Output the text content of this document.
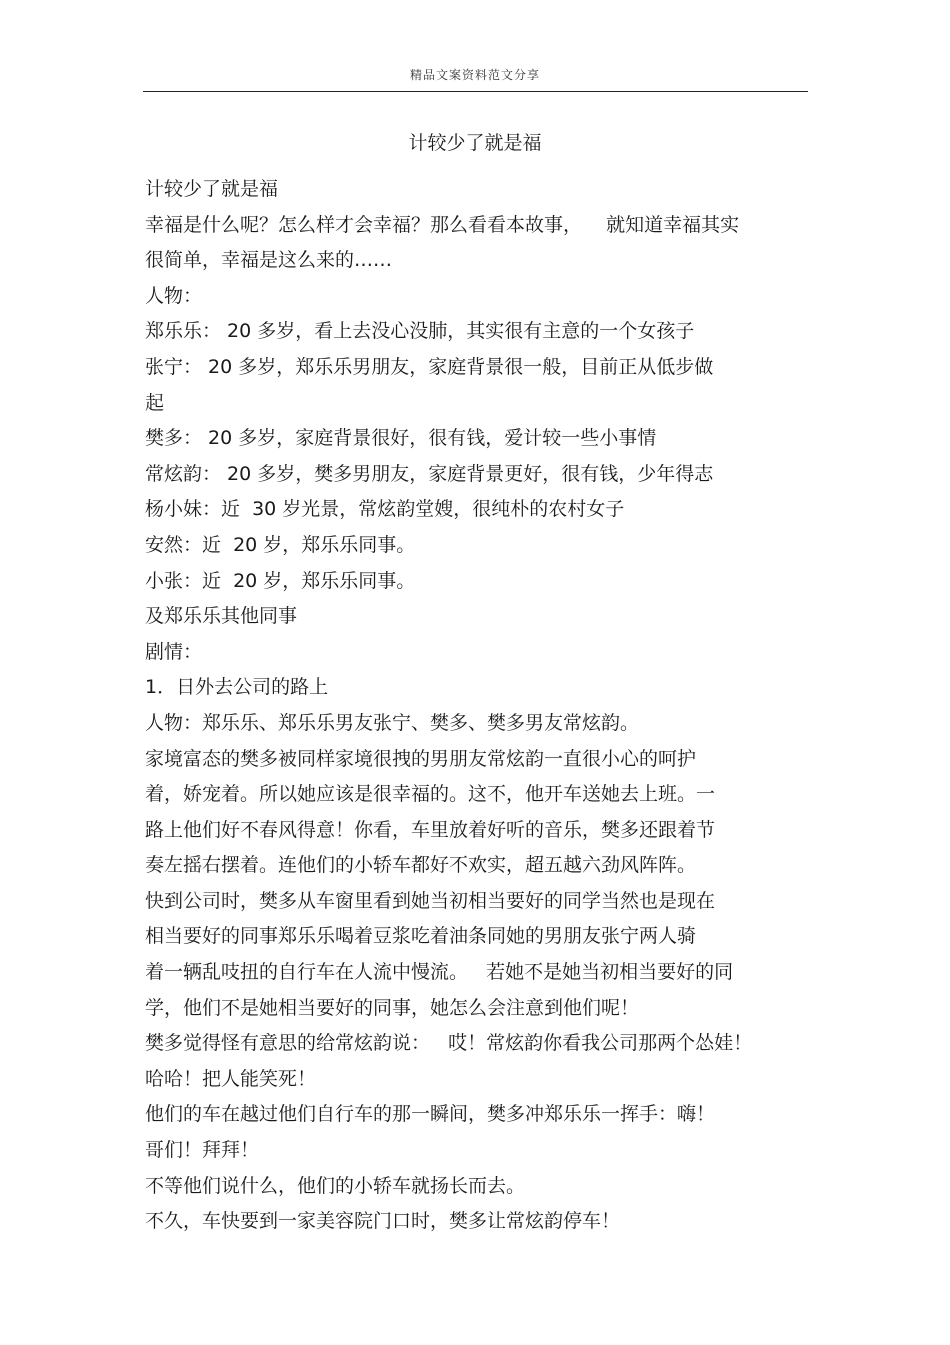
精品文案资料范文分享
计较少了就是福
计较少了就是福
幸福是什么呢？怎么样才会幸福？那么看看本故事，    就知道幸福其实
很简单，幸福是这么来的……
人物：
郑乐乐： 20 多岁，看上去没心没肺，其实很有主意的一个女孩子
张宁： 20 多岁，郑乐乐男朋友，家庭背景很一般，目前正从低步做
起
樊多： 20 多岁，家庭背景很好，很有钱，爱计较一些小事情
常炫韵： 20 多岁，樊多男朋友，家庭背景更好，很有钱，少年得志
杨小妹：近  30 岁光景，常炫韵堂嫂，很纯朴的农村女子
安然：近  20 岁，郑乐乐同事。
小张：近  20 岁，郑乐乐同事。
及郑乐乐其他同事
剧情：
1．日外去公司的路上
人物：郑乐乐、郑乐乐男友张宁、樊多、樊多男友常炫韵。
家境富态的樊多被同样家境很拽的男朋友常炫韵一直很小心的呵护
着，娇宠着。所以她应该是很幸福的。这不，他开车送她去上班。一
路上他们好不春风得意！你看，车里放着好听的音乐，樊多还跟着节
奏左摇右摆着。连他们的小轿车都好不欢实，超五越六劲风阵阵。
快到公司时，樊多从车窗里看到她当初相当要好的同学当然也是现在
相当要好的同事郑乐乐喝着豆浆吃着油条同她的男朋友张宁两人骑
着一辆乱吱扭的自行车在人流中慢流。   若她不是她当初相当要好的同
学，他们不是她相当要好的同事，她怎么会注意到他们呢！
樊多觉得怪有意思的给常炫韵说：   哎！常炫韵你看我公司那两个怂娃！
哈哈！把人能笑死！
他们的车在越过他们自行车的那一瞬间，樊多冲郑乐乐一挥手：嗨！
哥们！拜拜！
不等他们说什么，他们的小轿车就扬长而去。
不久，车快要到一家美容院门口时，樊多让常炫韵停车！
